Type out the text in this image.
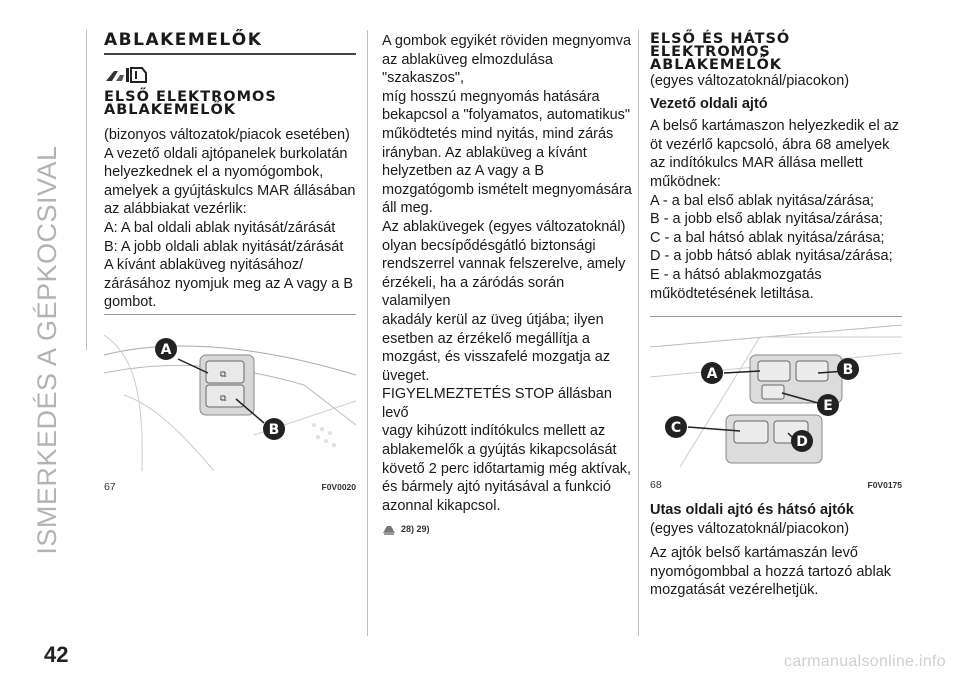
ISMERKEDÉS A GÉPKOCSIVAL
ABLAKEMELŐK
ELSŐ ELEKTROMOS
ABLAKEMELŐK

(bizonyos változatok/piacok esetében)

A vezető oldali ajtópanelek burkolatán

helyezkednek el a nyomógombok,

amelyek a gyújtáskulcs MAR állásában

az alábbiakat vezérlik:

A: A bal oldali ablak nyitását/zárását

B: A jobb oldali ablak nyitását/zárását

A kívánt ablaküveg nyitásához/

zárásához nyomjuk meg az A vagy a B

gombot.

⧉
⧉
A
B
67	F0V0020

A gombok egyikét röviden megnyomva

az ablaküveg elmozdulása "szakaszos",

míg hosszú megnyomás hatására

bekapcsol a "folyamatos, automatikus"

működtetés mind nyitás, mind zárás

irányban. Az ablaküveg a kívánt

helyzetben az A vagy a B

mozgatógomb ismételt megnyomására

áll meg.

Az ablaküvegek (egyes változatoknál)

olyan becsípődésgátló biztonsági

rendszerrel vannak felszerelve, amely

érzékeli, ha a záródás során valamilyen

akadály kerül az üveg útjába; ilyen

esetben az érzékelő megállítja a

mozgást, és visszafelé mozgatja az

üveget.

FIGYELMEZTETÉS STOP állásban levő

vagy kihúzott indítókulcs mellett az

ablakemelők a gyújtás kikapcsolását

követő 2 perc időtartamig még aktívak,

és bármely ajtó nyitásával a funkció

azonnal kikapcsol.

28) 29)
ELSŐ ÉS HÁTSÓ
ELEKTROMOS
ABLAKEMELŐK

(egyes változatoknál/piacokon)

Vezető oldali ajtó

A belső kartámaszon helyezkedik el az

öt vezérlő kapcsoló, ábra 68 amelyek

az indítókulcs MAR állása mellett

működnek:

A - a bal első ablak nyitása/zárása;

B - a jobb első ablak nyitása/zárása;

C - a bal hátsó ablak nyitása/zárása;

D - a jobb hátsó ablak nyitása/zárása;

E - a hátsó ablakmozgatás

működtetésének letiltása.

A	B
E
C
D
68	F0V0175

Utas oldali ajtó és hátsó ajtók

(egyes változatoknál/piacokon)

Az ajtók belső kartámaszán levő

nyomógombbal a hozzá tartozó ablak

mozgatását vezérelhetjük.

42	carmanualsonline.info
